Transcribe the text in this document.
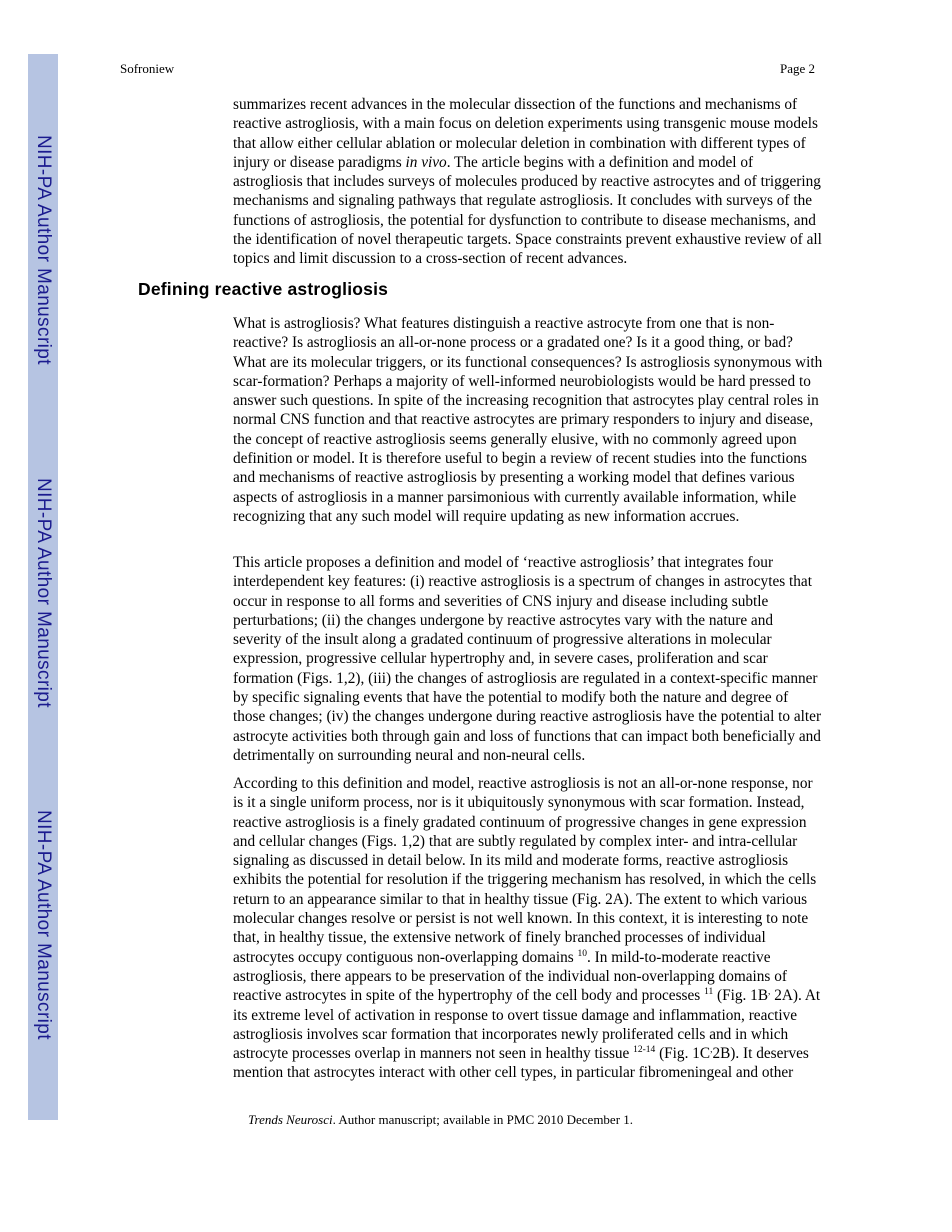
NIH-PA Author Manuscript
NIH-PA Author Manuscript
NIH-PA Author Manuscript
Sofroniew	Page 2
summarizes recent advances in the molecular dissection of the functions and mechanisms of reactive astrogliosis, with a main focus on deletion experiments using transgenic mouse models that allow either cellular ablation or molecular deletion in combination with different types of injury or disease paradigms in vivo. The article begins with a definition and model of astrogliosis that includes surveys of molecules produced by reactive astrocytes and of triggering mechanisms and signaling pathways that regulate astrogliosis. It concludes with surveys of the functions of astrogliosis, the potential for dysfunction to contribute to disease mechanisms, and the identification of novel therapeutic targets. Space constraints prevent exhaustive review of all topics and limit discussion to a cross-section of recent advances.
Defining reactive astrogliosis
What is astrogliosis? What features distinguish a reactive astrocyte from one that is non-reactive? Is astrogliosis an all-or-none process or a gradated one? Is it a good thing, or bad? What are its molecular triggers, or its functional consequences? Is astrogliosis synonymous with scar-formation? Perhaps a majority of well-informed neurobiologists would be hard pressed to answer such questions. In spite of the increasing recognition that astrocytes play central roles in normal CNS function and that reactive astrocytes are primary responders to injury and disease, the concept of reactive astrogliosis seems generally elusive, with no commonly agreed upon definition or model. It is therefore useful to begin a review of recent studies into the functions and mechanisms of reactive astrogliosis by presenting a working model that defines various aspects of astrogliosis in a manner parsimonious with currently available information, while recognizing that any such model will require updating as new information accrues.
This article proposes a definition and model of ‘reactive astrogliosis’ that integrates four interdependent key features: (i) reactive astrogliosis is a spectrum of changes in astrocytes that occur in response to all forms and severities of CNS injury and disease including subtle perturbations; (ii) the changes undergone by reactive astrocytes vary with the nature and severity of the insult along a gradated continuum of progressive alterations in molecular expression, progressive cellular hypertrophy and, in severe cases, proliferation and scar formation (Figs. 1,2), (iii) the changes of astrogliosis are regulated in a context-specific manner by specific signaling events that have the potential to modify both the nature and degree of those changes; (iv) the changes undergone during reactive astrogliosis have the potential to alter astrocyte activities both through gain and loss of functions that can impact both beneficially and detrimentally on surrounding neural and non-neural cells.
According to this definition and model, reactive astrogliosis is not an all-or-none response, nor is it a single uniform process, nor is it ubiquitously synonymous with scar formation. Instead, reactive astrogliosis is a finely gradated continuum of progressive changes in gene expression and cellular changes (Figs. 1,2) that are subtly regulated by complex inter- and intra-cellular signaling as discussed in detail below. In its mild and moderate forms, reactive astrogliosis exhibits the potential for resolution if the triggering mechanism has resolved, in which the cells return to an appearance similar to that in healthy tissue (Fig. 2A). The extent to which various molecular changes resolve or persist is not well known. In this context, it is interesting to note that, in healthy tissue, the extensive network of finely branched processes of individual astrocytes occupy contiguous non-overlapping domains $^{10}$. In mild-to-moderate reactive astrogliosis, there appears to be preservation of the individual non-overlapping domains of reactive astrocytes in spite of the hypertrophy of the cell body and processes $^{11}$ (Fig. 1B, 2A). At its extreme level of activation in response to overt tissue damage and inflammation, reactive astrogliosis involves scar formation that incorporates newly proliferated cells and in which astrocyte processes overlap in manners not seen in healthy tissue $^{12-14}$ (Fig. 1C,2B). It deserves mention that astrocytes interact with other cell types, in particular fibromeningeal and other
Trends Neurosci. Author manuscript; available in PMC 2010 December 1.
